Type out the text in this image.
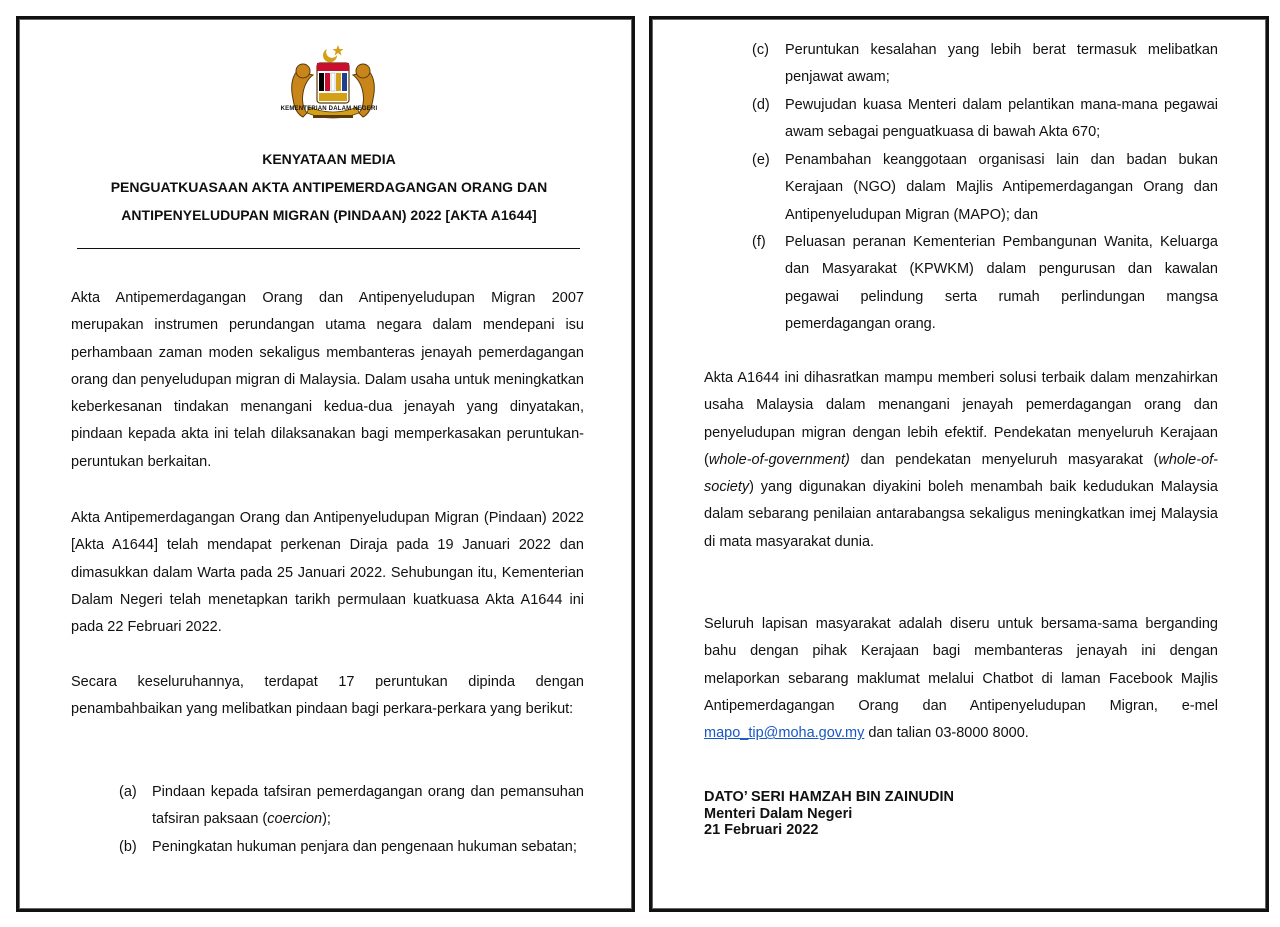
KEMENTERIAN DALAM NEGERI
KENYATAAN MEDIA
PENGUATKUASAAN AKTA ANTIPEMERDAGANGAN ORANG DAN
ANTIPENYELUDUPAN MIGRAN (PINDAAN) 2022 [AKTA A1644]

Akta Antipemerdagangan Orang dan Antipenyeludupan Migran 2007 merupakan instrumen perundangan utama negara dalam mendepani isu perhambaan zaman moden sekaligus membanteras jenayah pemerdagangan orang dan penyeludupan migran di Malaysia. Dalam usaha untuk meningkatkan keberkesanan tindakan menangani kedua-dua jenayah yang dinyatakan, pindaan kepada akta ini telah dilaksanakan bagi memperkasakan peruntukan-peruntukan berkaitan.

Akta Antipemerdagangan Orang dan Antipenyeludupan Migran (Pindaan) 2022 [Akta A1644] telah mendapat perkenan Diraja pada 19 Januari 2022 dan dimasukkan dalam Warta pada 25 Januari 2022. Sehubungan itu, Kementerian Dalam Negeri telah menetapkan tarikh permulaan kuatkuasa Akta A1644 ini pada 22 Februari 2022.

Secara keseluruhannya, terdapat 17 peruntukan dipinda dengan penambahbaikan yang melibatkan pindaan bagi perkara-perkara yang berikut:

(a) Pindaan kepada tafsiran pemerdagangan orang dan pemansuhan tafsiran paksaan (coercion);
(b) Peningkatan hukuman penjara dan pengenaan hukuman sebatan;
(c) Peruntukan kesalahan yang lebih berat termasuk melibatkan penjawat awam;
(d) Pewujudan kuasa Menteri dalam pelantikan mana-mana pegawai awam sebagai penguatkuasa di bawah Akta 670;
(e) Penambahan keanggotaan organisasi lain dan badan bukan Kerajaan (NGO) dalam Majlis Antipemerdagangan Orang dan Antipenyeludupan Migran (MAPO); dan
(f) Peluasan peranan Kementerian Pembangunan Wanita, Keluarga dan Masyarakat (KPWKM) dalam pengurusan dan kawalan pegawai pelindung serta rumah perlindungan mangsa pemerdagangan orang.

Akta A1644 ini dihasratkan mampu memberi solusi terbaik dalam menzahirkan usaha Malaysia dalam menangani jenayah pemerdagangan orang dan penyeludupan migran dengan lebih efektif. Pendekatan menyeluruh Kerajaan (whole-of-government) dan pendekatan menyeluruh masyarakat (whole-of-society) yang digunakan diyakini boleh menambah baik kedudukan Malaysia dalam sebarang penilaian antarabangsa sekaligus meningkatkan imej Malaysia di mata masyarakat dunia.

Seluruh lapisan masyarakat adalah diseru untuk bersama-sama berganding bahu dengan pihak Kerajaan bagi membanteras jenayah ini dengan melaporkan sebarang maklumat melalui Chatbot di laman Facebook Majlis Antipemerdagangan Orang dan Antipenyeludupan Migran, e-mel mapo_tip@moha.gov.my dan talian 03-8000 8000.

DATO’ SERI HAMZAH BIN ZAINUDIN
Menteri Dalam Negeri
21 Februari 2022
